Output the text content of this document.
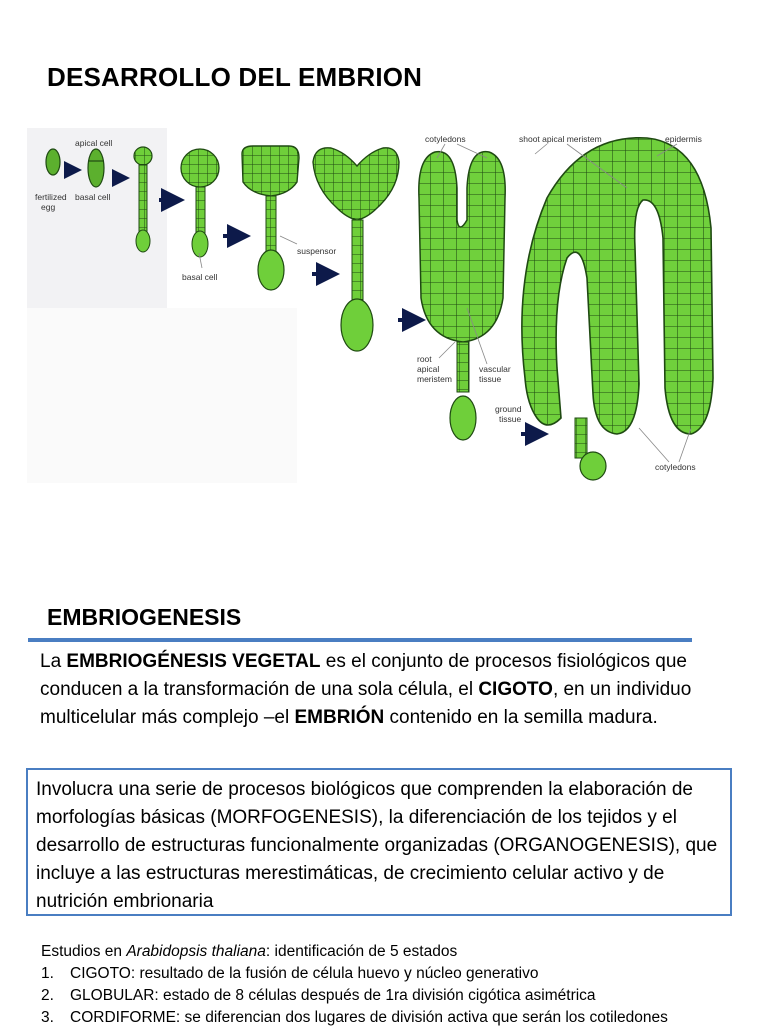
DESARROLLO DEL EMBRION
fertilized
egg
apical cell
basal cell
basal cell
suspensor
cotyledons
root
apical
meristem
vascular
tissue
ground
tissue
shoot apical meristem	epidermis
cotyledons
EMBRIOGENESIS
La EMBRIOGÉNESIS VEGETAL es el conjunto de procesos fisiológicos que conducen a la transformación de una sola célula, el CIGOTO, en un individuo multicelular más complejo –el EMBRIÓN contenido en la semilla madura.

Involucra una serie de procesos biológicos que comprenden la elaboración de morfologías básicas (MORFOGENESIS), la diferenciación de los tejidos y el desarrollo de estructuras funcionalmente organizadas (ORGANOGENESIS), que incluye a las estructuras merestimáticas, de crecimiento celular activo y de nutrición embrionaria

Estudios en Arabidopsis thaliana: identificación de 5 estados
1. CIGOTO: resultado de la fusión de célula huevo y núcleo generativo
2. GLOBULAR: estado de 8 células después de 1ra división cigótica asimétrica
3. CORDIFORME: se diferencian dos lugares de división activa que serán los cotiledones
